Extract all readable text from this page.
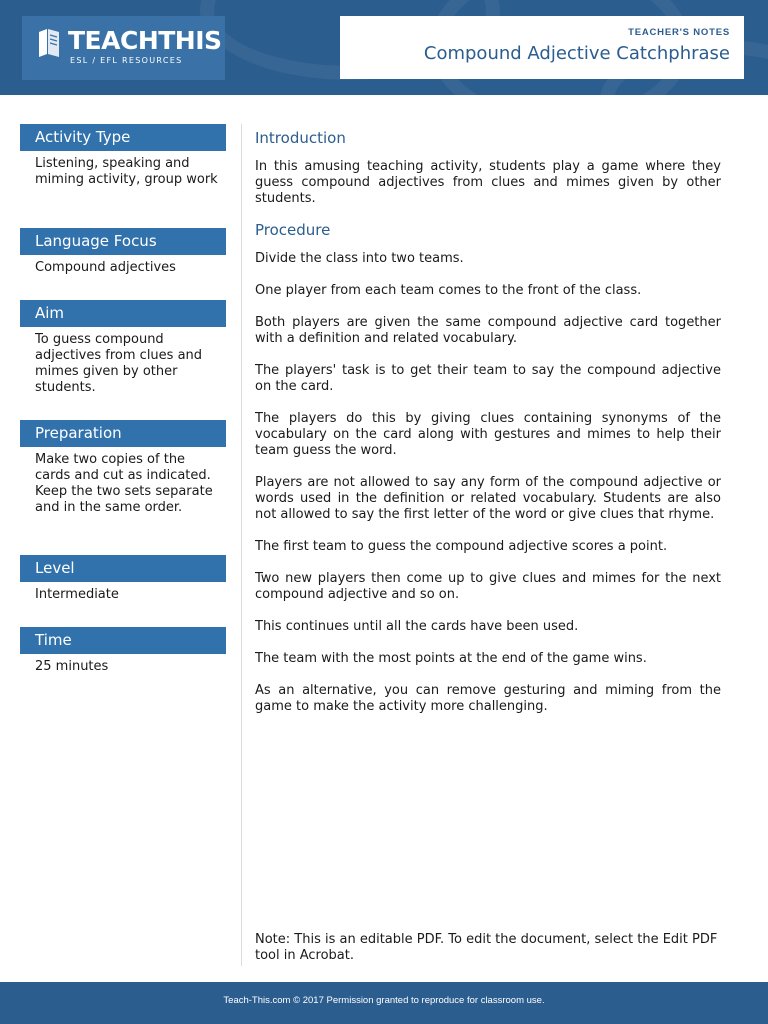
TEACHTHIS
ESL / EFL RESOURCES
TEACHER'S NOTES
Compound Adjective Catchphrase
Activity Type
Listening, speaking and miming activity, group work
Language Focus
Compound adjectives
Aim
To guess compound adjectives from clues and mimes given by other students.
Preparation
Make two copies of the cards and cut as indicated. Keep the two sets separate and in the same order.
Level
Intermediate
Time
25 minutes
Introduction

In this amusing teaching activity, students play a game where they guess compound adjectives from clues and mimes given by other students.

Procedure

Divide the class into two teams.

One player from each team comes to the front of the class.

Both players are given the same compound adjective card together with a definition and related vocabulary.

The players' task is to get their team to say the compound adjective on the card.

The players do this by giving clues containing synonyms of the vocabulary on the card along with gestures and mimes to help their team guess the word.

Players are not allowed to say any form of the compound adjective or words used in the definition or related vocabulary. Students are also not allowed to say the first letter of the word or give clues that rhyme.

The first team to guess the compound adjective scores a point.

Two new players then come up to give clues and mimes for the next compound adjective and so on.

This continues until all the cards have been used.

The team with the most points at the end of the game wins.

As an alternative, you can remove gesturing and miming from the game to make the activity more challenging.

Note: This is an editable PDF. To edit the document, select the Edit PDF tool in Acrobat.
Teach-This.com © 2017 Permission granted to reproduce for classroom use.
